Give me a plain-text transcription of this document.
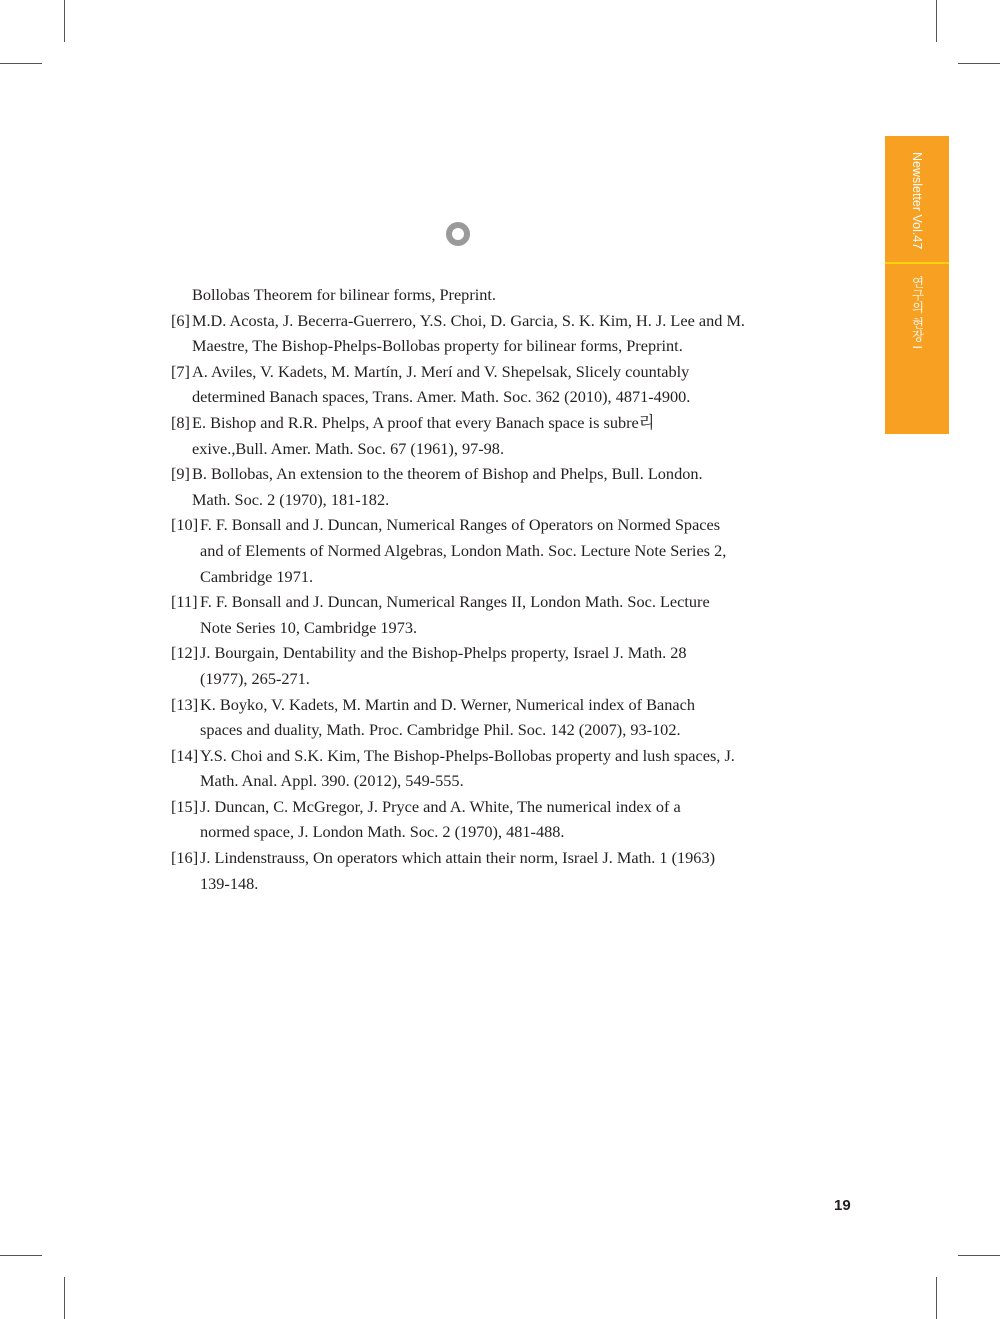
Newsletter Vol.47
연구의 현장 I
Bollobas Theorem for bilinear forms, Preprint.
[6] M.D. Acosta, J. Becerra-Guerrero, Y.S. Choi, D. Garcia, S. K. Kim, H. J. Lee and M.
Maestre, The Bishop-Phelps-Bollobas property for bilinear forms, Preprint.
[7] A. Aviles, V. Kadets, M. Martín, J. Merí and V. Shepelsak, Slicely countably
determined Banach spaces, Trans. Amer. Math. Soc. 362 (2010), 4871-4900.
[8] E. Bishop and R.R. Phelps, A proof that every Banach space is subre리
exive.,Bull. Amer. Math. Soc. 67 (1961), 97-98.
[9] B. Bollobas, An extension to the theorem of Bishop and Phelps, Bull. London.
Math. Soc. 2 (1970), 181-182.
[10] F. F. Bonsall and J. Duncan, Numerical Ranges of Operators on Normed Spaces
and of Elements of Normed Algebras, London Math. Soc. Lecture Note Series 2,
Cambridge 1971.
[11] F. F. Bonsall and J. Duncan, Numerical Ranges II, London Math. Soc. Lecture
Note Series 10, Cambridge 1973.
[12] J. Bourgain, Dentability and the Bishop-Phelps property, Israel J. Math. 28
(1977), 265-271.
[13] K. Boyko, V. Kadets, M. Martin and D. Werner, Numerical index of Banach
spaces and duality, Math. Proc. Cambridge Phil. Soc. 142 (2007), 93-102.
[14] Y.S. Choi and S.K. Kim, The Bishop-Phelps-Bollobas property and lush spaces, J.
Math. Anal. Appl. 390. (2012), 549-555.
[15] J. Duncan, C. McGregor, J. Pryce and A. White, The numerical index of a
normed space, J. London Math. Soc. 2 (1970), 481-488.
[16] J. Lindenstrauss, On operators which attain their norm, Israel J. Math. 1 (1963)
139-148.
19
